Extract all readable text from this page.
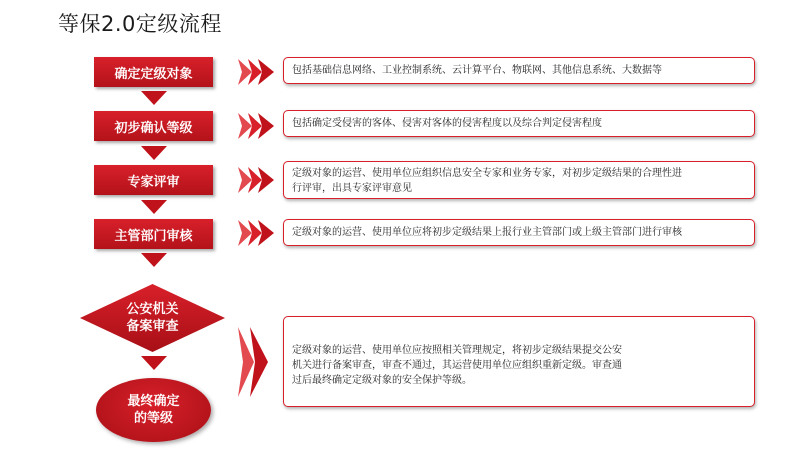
等保2.0定级流程
确定定级对象	包括基础信息网络、工业控制系统、云计算平台、物联网、其他信息系统、大数据等
初步确认等级	包括确定受侵害的客体、侵害对客体的侵害程度以及综合判定侵害程度
专家评审
定级对象的运营、使用单位应组织信息安全专家和业务专家，对初步定级结果的合理性进
行评审，出具专家评审意见
主管部门审核	定级对象的运营、使用单位应将初步定级结果上报行业主管部门或上级主管部门进行审核
公安机关
备案审查
最终确定
的等级
定级对象的运营、使用单位应按照相关管理规定，将初步定级结果提交公安
机关进行备案审查，审查不通过，其运营使用单位应组织重新定级。审查通
过后最终确定定级对象的安全保护等级。
